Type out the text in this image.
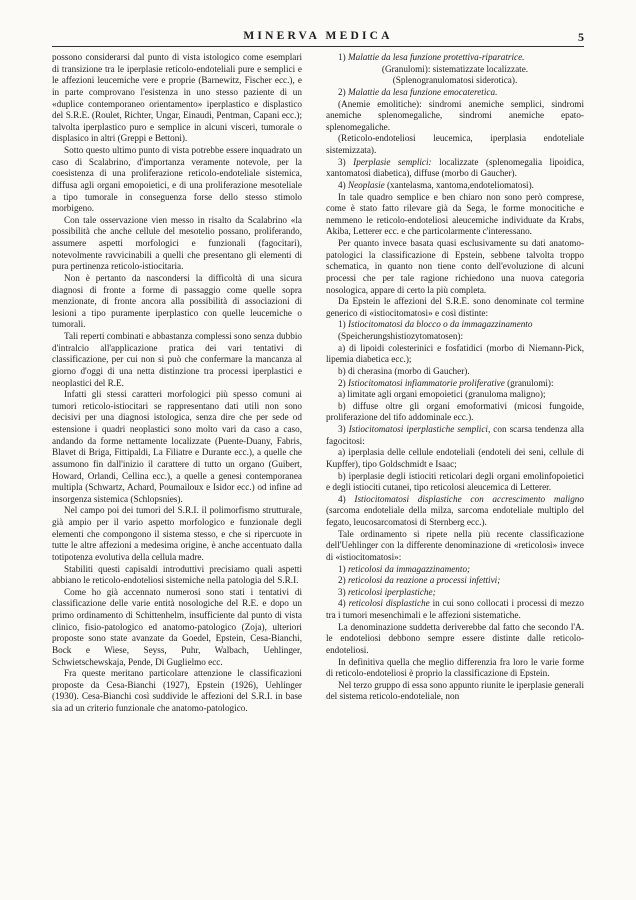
MINERVA MEDICA	5

possono considerarsi dal punto di vista istologico come esemplari di transizione tra le iperplasie reticolo-endoteliali pure e semplici e le affezioni leucemiche vere e proprie (Barnewitz, Fischer ecc.), e in parte comprovano l'esistenza in uno stesso paziente di un «duplice contemporaneo orientamento» iperplastico e displastico del S.R.E. (Roulet, Richter, Ungar, Einaudi, Pentman, Capani ecc.); talvolta iperplastico puro e semplice in alcuni visceri, tumorale o displasico in altri (Greppi e Bettoni).

Sotto questo ultimo punto di vista potrebbe essere inquadrato un caso di Scalabrino, d'importanza veramente notevole, per la coesistenza di una proliferazione reticolo-endoteliale sistemica, diffusa agli organi emopoietici, e di una proliferazione mesoteliale a tipo tumorale in conseguenza forse dello stesso stimolo morbigeno.

Con tale osservazione vien messo in risalto da Scalabrino «la possibilità che anche cellule del mesotelio possano, proliferando, assumere aspetti morfologici e funzionali (fagocitari), notevolmente ravvicinabili a quelli che presentano gli elementi di pura pertinenza reticolo-istiocitaria.

Non è pertanto da nascondersi la difficoltà di una sicura diagnosi di fronte a forme di passaggio come quelle sopra menzionate, di fronte ancora alla possibilità di associazioni di lesioni a tipo puramente iperplastico con quelle leucemiche o tumorali.

Tali reperti combinati e abbastanza complessi sono senza dubbio d'intralcio all'applicazione pratica dei vari tentativi di classificazione, per cui non si può che confermare la mancanza al giorno d'oggi di una netta distinzione tra processi iperplastici e neoplastici del R.E.

Infatti gli stessi caratteri morfologici più spesso comuni ai tumori reticolo-istiocitari se rappresentano dati utili non sono decisivi per una diagnosi istologica, senza dire che per sede od estensione i quadri neoplastici sono molto vari da caso a caso, andando da forme nettamente localizzate (Puente-Duany, Fabris, Blavet di Briga, Fittipaldi, La Filiatre e Durante ecc.), a quelle che assumono fin dall'inizio il carattere di tutto un organo (Guibert, Howard, Orlandi, Cellina ecc.), a quelle a genesi contemporanea multipla (Schwartz, Achard, Poumailoux e Isidor ecc.) od infine ad insorgenza sistemica (Schlopsnies).

Nel campo poi dei tumori del S.R.I. il polimorfismo strutturale, già ampio per il vario aspetto morfologico e funzionale degli elementi che compongono il sistema stesso, e che si ripercuote in tutte le altre affezioni a medesima origine, è anche accentuato dalla totipotenza evolutiva della cellula madre.

Stabiliti questi capisaldi introduttivi precisiamo quali aspetti abbiano le reticolo-endoteliosi sistemiche nella patologia del S.R.I.

Come ho già accennato numerosi sono stati i tentativi di classificazione delle varie entità nosologiche del R.E. e dopo un primo ordinamento di Schittenhelm, insufficiente dal punto di vista clinico, fisio-patologico ed anatomo-patologico (Zoja), ulteriori proposte sono state avanzate da Goedel, Epstein, Cesa-Bianchi, Bock e Wiese, Seyss, Puhr, Walbach, Uehlinger, Schwietschewskaja, Pende, Di Guglielmo ecc.

Fra queste meritano particolare attenzione le classificazioni proposte da Cesa-Bianchi (1927), Epstein (1926), Uehlinger (1930). Cesa-Bianchi così suddivide le affezioni del S.R.I. in base sia ad un criterio funzionale che anatomo-patologico.

1) Malattie da lesa funzione protettiva-riparatrice.

(Granulomi): sistematizzate localizzate.

(Splenogranulomatosi siderotica).

2) Malattie da lesa funzione emocateretica.

(Anemie emolitiche): sindromi anemiche semplici, sindromi anemiche splenomegaliche, sindromi anemiche epato-splenomegaliche.

(Reticolo-endoteliosi leucemica, iperplasia endoteliale sistemizzata).

3) Iperplasie semplici: localizzate (splenomegalia lipoidica, xantomatosi diabetica), diffuse (morbo di Gaucher).

4) Neoplasie (xantelasma, xantoma,endoteliomatosi).

In tale quadro semplice e ben chiaro non sono però comprese, come è stato fatto rilevare già da Sega, le forme monocitiche e nemmeno le reticolo-endoteliosi aleucemiche individuate da Krabs, Akiba, Letterer ecc. e che particolarmente c'interessano.

Per quanto invece basata quasi esclusivamente su dati anatomo-patologici la classificazione di Epstein, sebbene talvolta troppo schematica, in quanto non tiene conto dell'evoluzione di alcuni processi che per tale ragione richiedono una nuova categoria nosologica, appare di certo la più completa.

Da Epstein le affezioni del S.R.E. sono denominate col termine generico di «istiocitomatosi» e così distinte:

1) Istiocitomatosi da blocco o da immagazzinamento

(Speicherungshistiozytomatosen):

a) di lipoidi colesterinici e fosfatidici (morbo di Niemann-Pick, lipemia diabetica ecc.);

b) di cherasina (morbo di Gaucher).

2) Istiocitomatosi infiammatorie proliferative (granulomi):

a) limitate agli organi emopoietici (granuloma maligno);

b) diffuse oltre gli organi emoformativi (micosi fungoide, proliferazione del tifo addominale ecc.).

3) Istiocitomatosi iperplastiche semplici, con scarsa tendenza alla fagocitosi:

a) iperplasia delle cellule endoteliali (endoteli dei seni, cellule di Kupffer), tipo Goldschmidt e Isaac;

b) iperplasie degli istiociti reticolari degli organi emolinfopoietici e degli istiociti cutanei, tipo reticolosi aleucemica di Letterer.

4) Istiocitomatosi displastiche con accrescimento maligno (sarcoma endoteliale della milza, sarcoma endoteliale multiplo del fegato, leucosarcomatosi di Sternberg ecc.).

Tale ordinamento si ripete nella più recente classificazione dell'Uehlinger con la differente denominazione di «reticolosi» invece di «istiocitomatosi»:

1) reticolosi da immagazzinamento;

2) reticolosi da reazione a processi infettivi;

3) reticolosi iperplastiche;

4) reticolosi displastiche in cui sono collocati i processi di mezzo tra i tumori mesenchimali e le affezioni sistematiche.

La denominazione suddetta deriverebbe dal fatto che secondo l'A. le endoteliosi debbono sempre essere distinte dalle reticolo-endoteliosi.

In definitiva quella che meglio differenzia fra loro le varie forme di reticolo-endoteliosi è proprio la classificazione di Epstein.

Nel terzo gruppo di essa sono appunto riunite le iperplasie generali del sistema reticolo-endoteliale, non
